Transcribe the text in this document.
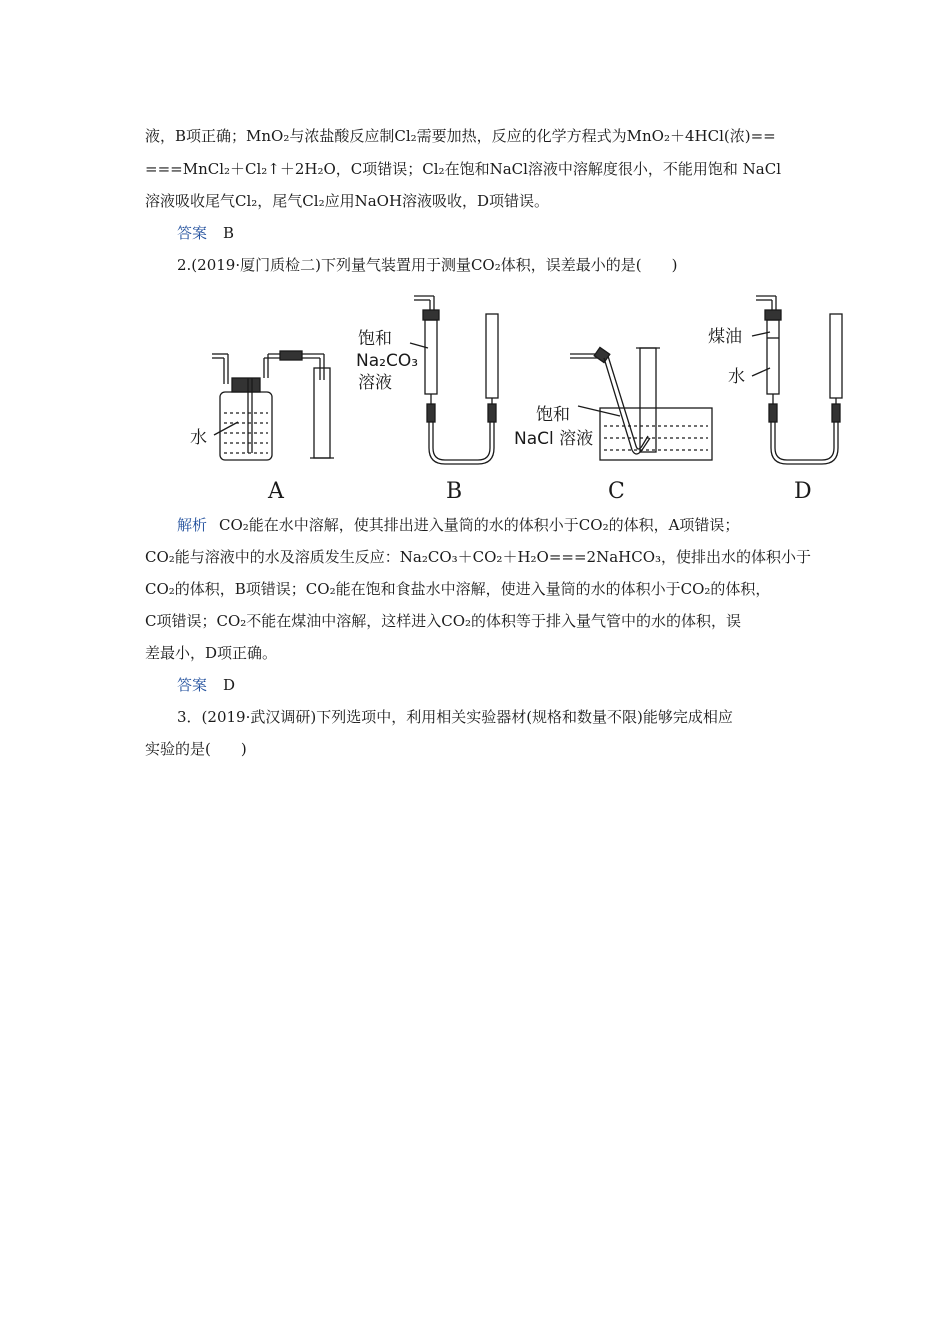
液，B项正确；MnO₂与浓盐酸反应制Cl₂需要加热，反应的化学方程式为MnO₂＋4HCl(浓)==
===MnCl₂＋Cl₂↑＋2H₂O，C项错误；Cl₂在饱和NaCl溶液中溶解度很小，不能用饱和 NaCl
溶液吸收尾气Cl₂，尾气Cl₂应用NaOH溶液吸收，D项错误。
答案 B
2.(2019·厦门质检二)下列量气装置用于测量CO₂体积，误差最小的是(　　)
水
饱和
Na₂CO₃
溶液
饱和
NaCl 溶液
煤油
水
A	B	C	D
解析 CO₂能在水中溶解，使其排出进入量筒的水的体积小于CO₂的体积，A项错误；
CO₂能与溶液中的水及溶质发生反应：Na₂CO₃＋CO₂＋H₂O===2NaHCO₃，使排出水的体积小于
CO₂的体积，B项错误；CO₂能在饱和食盐水中溶解，使进入量筒的水的体积小于CO₂的体积，
C项错误；CO₂不能在煤油中溶解，这样进入CO₂的体积等于排入量气管中的水的体积，误
差最小，D项正确。
答案 D
3．(2019·武汉调研)下列选项中，利用相关实验器材(规格和数量不限)能够完成相应
实验的是(　　)
